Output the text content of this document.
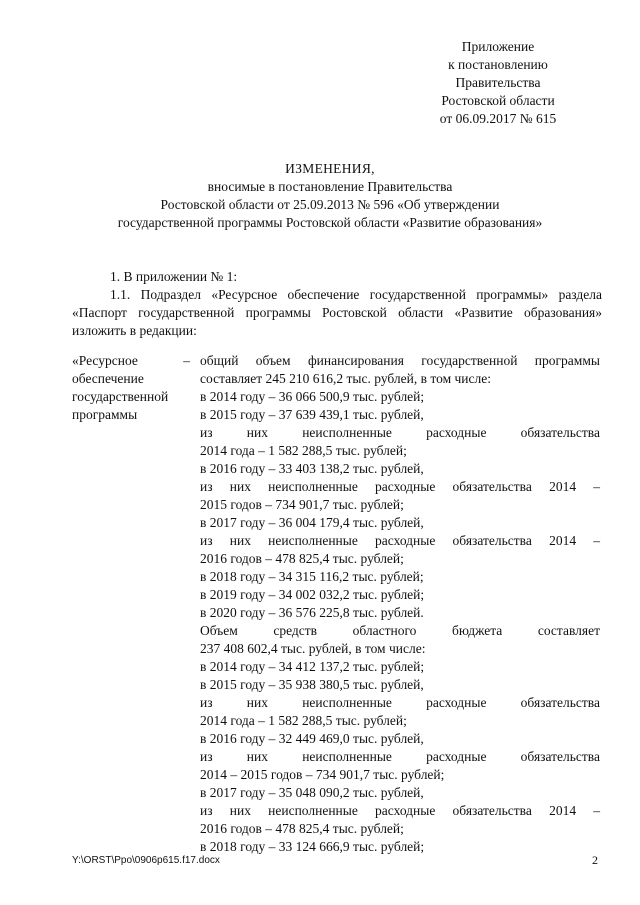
Приложение
к постановлению
Правительства
Ростовской области
от 06.09.2017 № 615
ИЗМЕНЕНИЯ,
вносимые в постановление Правительства
Ростовской области от 25.09.2013 № 596 «Об утверждении
государственной программы Ростовской области «Развитие образования»
1. В приложении № 1:
1.1. Подраздел «Ресурсное обеспечение государственной программы» раздела «Паспорт государственной программы Ростовской области «Развитие образования» изложить в редакции:
«Ресурсное	–
обеспечение
государственной
программы
общий объем финансирования государственной программы
составляет 245 210 616,2 тыс. рублей, в том числе:
в 2014 году – 36 066 500,9 тыс. рублей;
в 2015 году – 37 639 439,1 тыс. рублей,
из	них	неисполненные	расходные	обязательства
2014 года – 1 582 288,5 тыс. рублей;
в 2016 году – 33 403 138,2 тыс. рублей,
из них неисполненные расходные обязательства 2014 –
2015 годов – 734 901,7 тыс. рублей;
в 2017 году – 36 004 179,4 тыс. рублей,
из них неисполненные расходные обязательства 2014 –
2016 годов – 478 825,4 тыс. рублей;
в 2018 году – 34 315 116,2 тыс. рублей;
в 2019 году – 34 002 032,2 тыс. рублей;
в 2020 году – 36 576 225,8 тыс. рублей.
Объем	средств	областного	бюджета	составляет
237 408 602,4 тыс. рублей, в том числе:
в 2014 году – 34 412 137,2 тыс. рублей;
в 2015 году – 35 938 380,5 тыс. рублей,
из	них	неисполненные	расходные	обязательства
2014 года – 1 582 288,5 тыс. рублей;
в 2016 году – 32 449 469,0 тыс. рублей,
из	них	неисполненные	расходные	обязательства
2014 – 2015 годов – 734 901,7 тыс. рублей;
в 2017 году – 35 048 090,2 тыс. рублей,
из них неисполненные расходные обязательства 2014 –
2016 годов – 478 825,4 тыс. рублей;
в 2018 году – 33 124 666,9 тыс. рублей;
Y:\ORST\Ppo\0906p615.f17.docx	2
